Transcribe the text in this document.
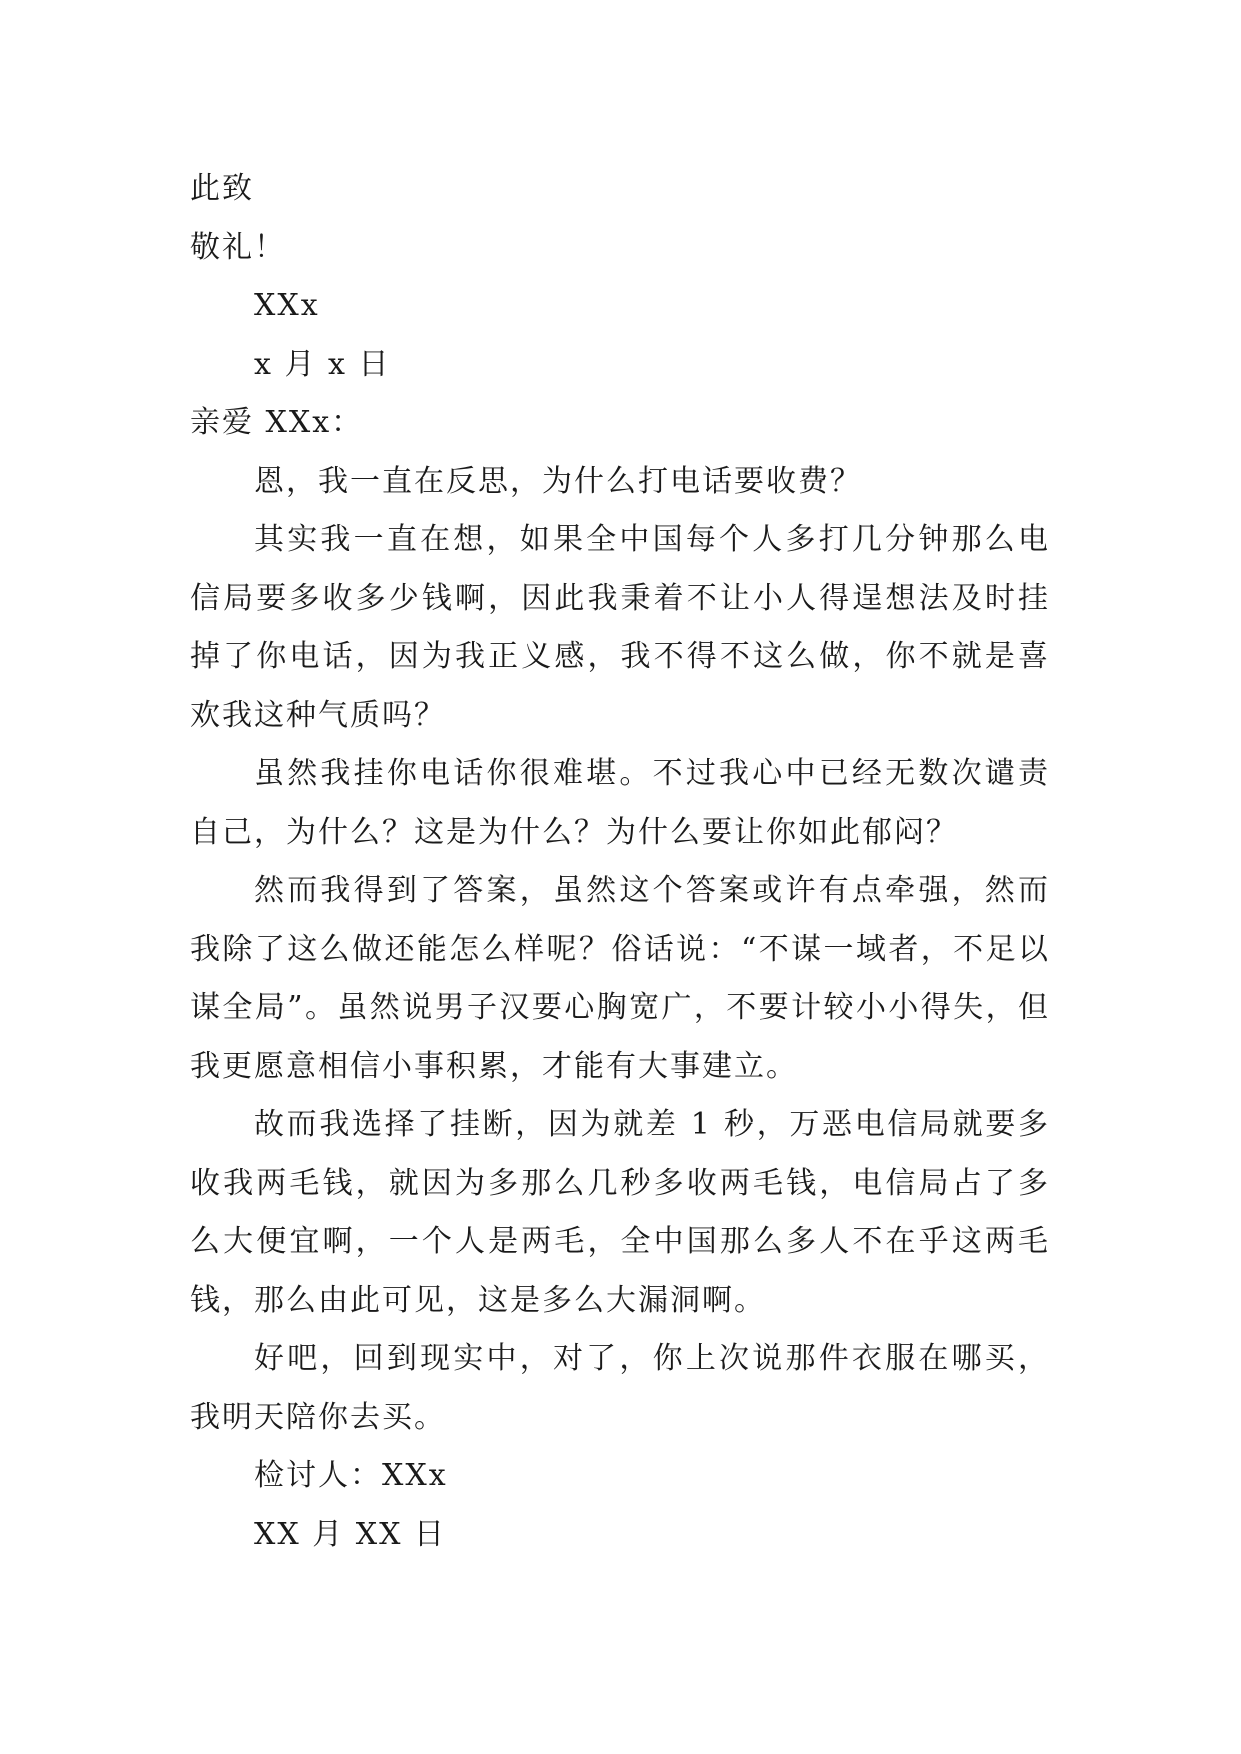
此致

敬礼！

XXx

x 月 x 日

亲爱 XXx：

恩，我一直在反思，为什么打电话要收费？

其实我一直在想，如果全中国每个人多打几分钟那么电信局要多收多少钱啊，因此我秉着不让小人得逞想法及时挂掉了你电话，因为我正义感，我不得不这么做，你不就是喜欢我这种气质吗？

虽然我挂你电话你很难堪。不过我心中已经无数次谴责自己，为什么？这是为什么？为什么要让你如此郁闷？

然而我得到了答案，虽然这个答案或许有点牵强，然而我除了这么做还能怎么样呢？俗话说：“不谋一域者，不足以谋全局”。虽然说男子汉要心胸宽广，不要计较小小得失，但我更愿意相信小事积累，才能有大事建立。

故而我选择了挂断，因为就差 1 秒，万恶电信局就要多收我两毛钱，就因为多那么几秒多收两毛钱，电信局占了多么大便宜啊，一个人是两毛，全中国那么多人不在乎这两毛钱，那么由此可见，这是多么大漏洞啊。

好吧，回到现实中，对了，你上次说那件衣服在哪买，我明天陪你去买。

检讨人：XXx

XX 月 XX 日
